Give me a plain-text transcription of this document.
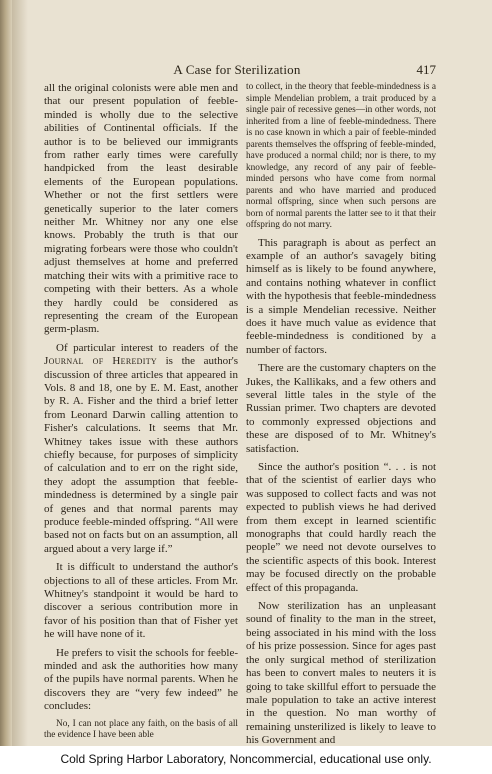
A Case for Sterilization	417

all the original colonists were able men and that our present population of feeble-minded is wholly due to the selective abilities of Continental officials. If the author is to be believed our immigrants from rather early times were carefully handpicked from the least desirable elements of the European populations. Whether or not the first settlers were genetically superior to the later comers neither Mr. Whitney nor any one else knows. Probably the truth is that our migrating forbears were those who couldn't adjust themselves at home and preferred matching their wits with a primitive race to competing with their betters. As a whole they hardly could be considered as representing the cream of the European germ-plasm.

Of particular interest to readers of the Journal of Heredity is the author's discussion of three articles that appeared in Vols. 8 and 18, one by E. M. East, another by R. A. Fisher and the third a brief letter from Leonard Darwin calling attention to Fisher's calculations. It seems that Mr. Whitney takes issue with these authors chiefly because, for purposes of simplicity of calculation and to err on the right side, they adopt the assumption that feeble-mindedness is determined by a single pair of genes and that normal parents may produce feeble-minded offspring. “All were based not on facts but on an assumption, all argued about a very large if.”

It is difficult to understand the author's objections to all of these articles. From Mr. Whitney's standpoint it would be hard to discover a serious contribution more in favor of his position than that of Fisher yet he will have none of it.

He prefers to visit the schools for feeble-minded and ask the authorities how many of the pupils have normal parents. When he discovers they are “very few indeed” he concludes:

No, I can not place any faith, on the basis of all the evidence I have been able

to collect, in the theory that feeble-mindedness is a simple Mendelian problem, a trait produced by a single pair of recessive genes—in other words, not inherited from a line of feeble-mindedness. There is no case known in which a pair of feeble-minded parents themselves the offspring of feeble-minded, have produced a normal child; nor is there, to my knowledge, any record of any pair of feeble-minded persons who have come from normal parents and who have married and produced normal offspring, since when such persons are born of normal parents the latter see to it that their offspring do not marry.

This paragraph is about as perfect an example of an author's savagely biting himself as is likely to be found anywhere, and contains nothing whatever in conflict with the hypothesis that feeble-mindedness is a simple Mendelian recessive. Neither does it have much value as evidence that feeble-mindedness is conditioned by a number of factors.

There are the customary chapters on the Jukes, the Kallikaks, and a few others and several little tales in the style of the Russian primer. Two chapters are devoted to commonly expressed objections and these are disposed of to Mr. Whitney's satisfaction.

Since the author's position “. . . is not that of the scientist of earlier days who was supposed to collect facts and was not expected to publish views he had derived from them except in learned scientific monographs that could hardly reach the people” we need not devote ourselves to the scientific aspects of this book. Interest may be focused directly on the probable effect of this propaganda.

Now sterilization has an unpleasant sound of finality to the man in the street, being associated in his mind with the loss of his prize possession. Since for ages past the only surgical method of sterilization has been to convert males to neuters it is going to take skillful effort to persuade the male population to take an active interest in the question. No man worthy of remaining unsterilized is likely to leave to his Government and

Cold Spring Harbor Laboratory, Noncommercial, educational use only.
